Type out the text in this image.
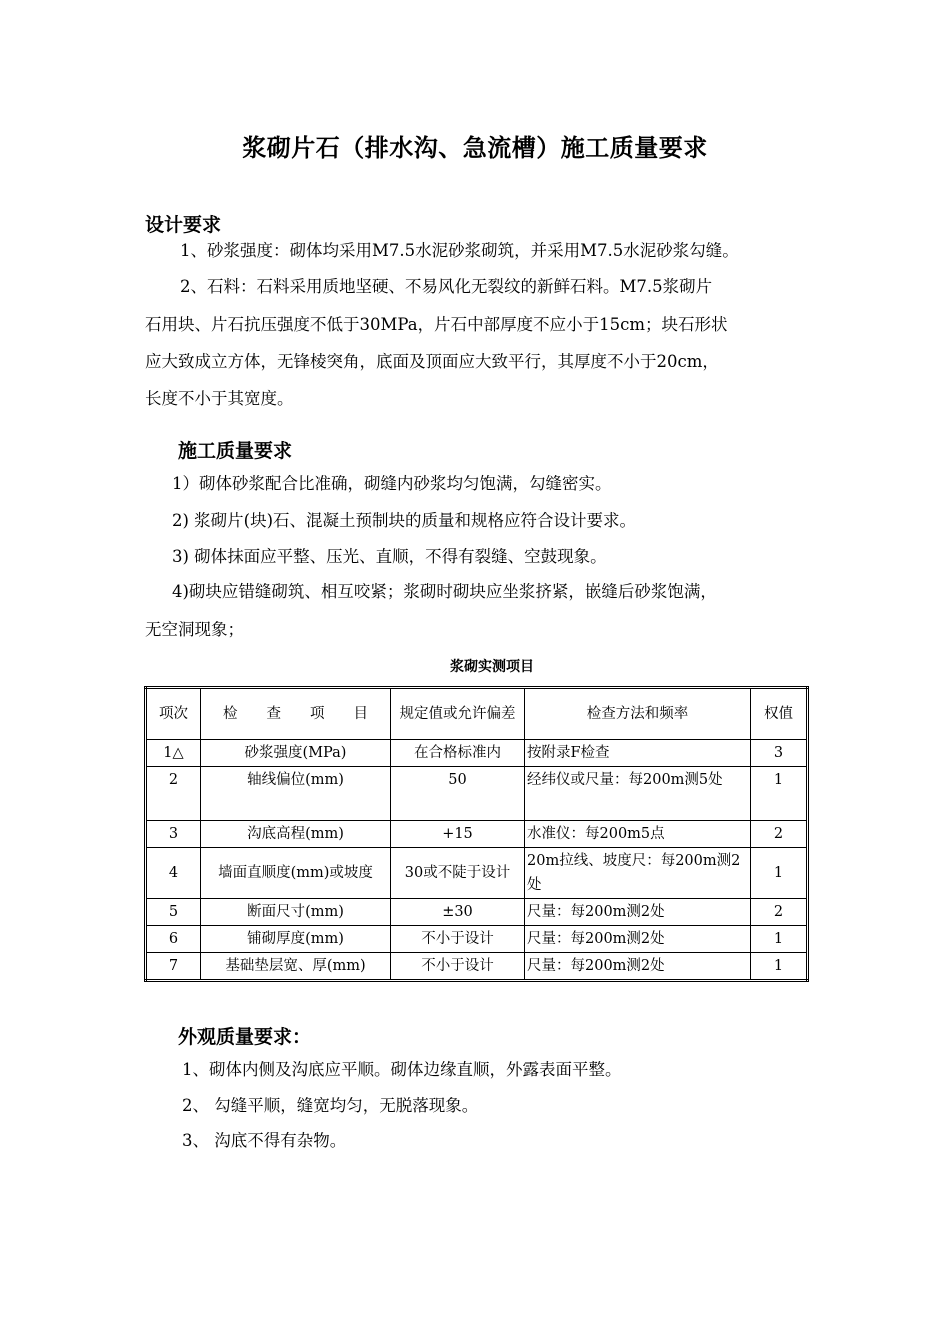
浆砌片石（排水沟、急流槽）施工质量要求
设计要求
1、砂浆强度：砌体均采用M7.5水泥砂浆砌筑，并采用M7.5水泥砂浆勾缝。
2、石料：石料采用质地坚硬、不易风化无裂纹的新鲜石料。M7.5浆砌片
石用块、片石抗压强度不低于30MPa，片石中部厚度不应小于15cm；块石形状
应大致成立方体，无锋棱突角，底面及顶面应大致平行，其厚度不小于20cm，
长度不小于其宽度。
施工质量要求
1）砌体砂浆配合比准确，砌缝内砂浆均匀饱满，勾缝密实。
2) 浆砌片(块)石、混凝土预制块的质量和规格应符合设计要求。
3) 砌体抹面应平整、压光、直顺，不得有裂缝、空鼓现象。
4)砌块应错缝砌筑、相互咬紧；浆砌时砌块应坐浆挤紧，嵌缝后砂浆饱满，
无空洞现象；
浆砌实测项目
项次	检　　查　　项　　目	规定值或允许偏差	检查方法和频率	权值
1△	砂浆强度(MPa)	在合格标准内	按附录F检查	3
2	轴线偏位(mm)	50	经纬仪或尺量：每200m测5处	1
3	沟底高程(mm)	+15	水准仪：每200m5点	2
4	墙面直顺度(mm)或坡度	30或不陡于设计	20m拉线、坡度尺：每200m测2处	1
5	断面尺寸(mm)	±30	尺量：每200m测2处	2
6	铺砌厚度(mm)	不小于设计	尺量：每200m测2处	1
7	基础垫层宽、厚(mm)	不小于设计	尺量：每200m测2处	1
外观质量要求：
1、砌体内侧及沟底应平顺。砌体边缘直顺，外露表面平整。
2、 勾缝平顺，缝宽均匀，无脱落现象。
3、 沟底不得有杂物。
